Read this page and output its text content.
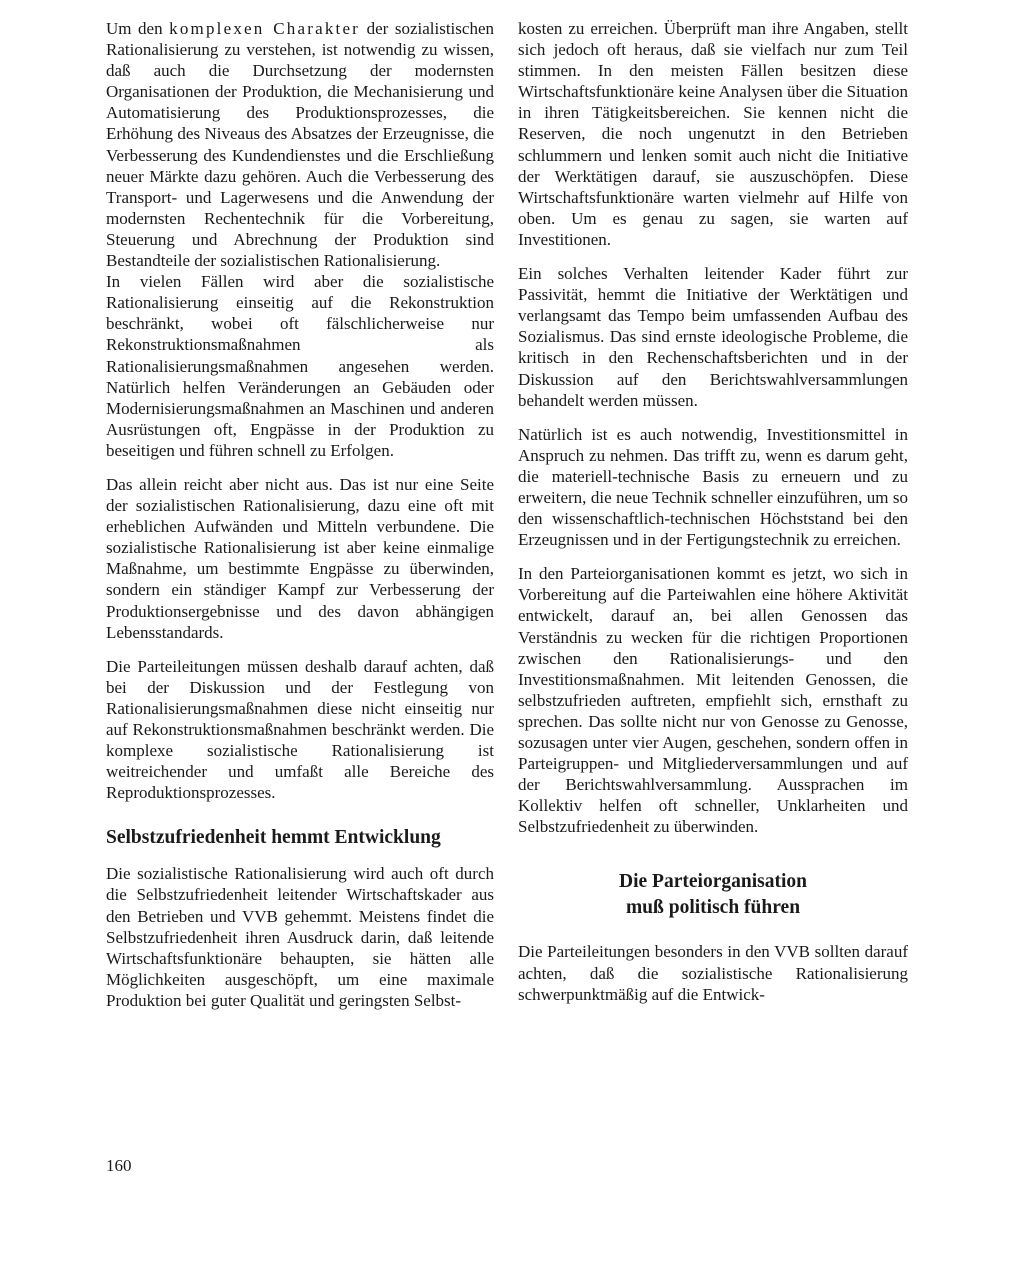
Um den komplexen Charakter der sozialistischen Rationalisierung zu verstehen, ist notwendig zu wissen, daß auch die Durchsetzung der modernsten Organisationen der Produktion, die Mechanisierung und Automatisierung des Produktionsprozesses, die Erhöhung des Niveaus des Absatzes der Erzeugnisse, die Verbesserung des Kundendienstes und die Erschließung neuer Märkte dazu gehören. Auch die Verbesserung des Transport- und Lagerwesens und die Anwendung der modernsten Rechentechnik für die Vorbereitung, Steuerung und Abrechnung der Produktion sind Bestandteile der sozialistischen Rationalisierung.

In vielen Fällen wird aber die sozialistische Rationalisierung einseitig auf die Rekonstruktion beschränkt, wobei oft fälschlicherweise nur Rekonstruktionsmaßnahmen als Rationalisierungsmaßnahmen angesehen werden. Natürlich helfen Veränderungen an Gebäuden oder Modernisierungsmaßnahmen an Maschinen und anderen Ausrüstungen oft, Engpässe in der Produktion zu beseitigen und führen schnell zu Erfolgen.

Das allein reicht aber nicht aus. Das ist nur eine Seite der sozialistischen Rationalisierung, dazu eine oft mit erheblichen Aufwänden und Mitteln verbundene. Die sozialistische Rationalisierung ist aber keine einmalige Maßnahme, um bestimmte Engpässe zu überwinden, sondern ein ständiger Kampf zur Verbesserung der Produktionsergebnisse und des davon abhängigen Lebensstandards.

Die Parteileitungen müssen deshalb darauf achten, daß bei der Diskussion und der Festlegung von Rationalisierungsmaßnahmen diese nicht einseitig nur auf Rekonstruktionsmaßnahmen beschränkt werden. Die komplexe sozialistische Rationalisierung ist weitreichender und umfaßt alle Bereiche des Reproduktionsprozesses.

Selbstzufriedenheit hemmt Entwicklung

Die sozialistische Rationalisierung wird auch oft durch die Selbstzufriedenheit leitender Wirtschaftskader aus den Betrieben und VVB gehemmt. Meistens findet die Selbstzufriedenheit ihren Ausdruck darin, daß leitende Wirtschaftsfunktionäre behaupten, sie hätten alle Möglichkeiten ausgeschöpft, um eine maximale Produktion bei guter Qualität und geringsten Selbst-

kosten zu erreichen. Überprüft man ihre Angaben, stellt sich jedoch oft heraus, daß sie vielfach nur zum Teil stimmen. In den meisten Fällen besitzen diese Wirtschaftsfunktionäre keine Analysen über die Situation in ihren Tätigkeitsbereichen. Sie kennen nicht die Reserven, die noch ungenutzt in den Betrieben schlummern und lenken somit auch nicht die Initiative der Werktätigen darauf, sie auszuschöpfen. Diese Wirtschaftsfunktionäre warten vielmehr auf Hilfe von oben. Um es genau zu sagen, sie warten auf Investitionen.

Ein solches Verhalten leitender Kader führt zur Passivität, hemmt die Initiative der Werktätigen und verlangsamt das Tempo beim umfassenden Aufbau des Sozialismus. Das sind ernste ideologische Probleme, die kritisch in den Rechenschaftsberichten und in der Diskussion auf den Berichtswahlversammlungen behandelt werden müssen.

Natürlich ist es auch notwendig, Investitionsmittel in Anspruch zu nehmen. Das trifft zu, wenn es darum geht, die materiell-technische Basis zu erneuern und zu erweitern, die neue Technik schneller einzuführen, um so den wissenschaftlich-technischen Höchststand bei den Erzeugnissen und in der Fertigungstechnik zu erreichen.

In den Parteiorganisationen kommt es jetzt, wo sich in Vorbereitung auf die Parteiwahlen eine höhere Aktivität entwickelt, darauf an, bei allen Genossen das Verständnis zu wecken für die richtigen Proportionen zwischen den Rationalisierungs- und den Investitionsmaßnahmen. Mit leitenden Genossen, die selbstzufrieden auftreten, empfiehlt sich, ernsthaft zu sprechen. Das sollte nicht nur von Genosse zu Genosse, sozusagen unter vier Augen, geschehen, sondern offen in Parteigruppen- und Mitgliederversammlungen und auf der Berichtswahlversammlung. Aussprachen im Kollektiv helfen oft schneller, Unklarheiten und Selbstzufriedenheit zu überwinden.

Die Parteiorganisation
muß politisch führen

Die Parteileitungen besonders in den VVB sollten darauf achten, daß die sozialistische Rationalisierung schwerpunktmäßig auf die Entwick-

160
